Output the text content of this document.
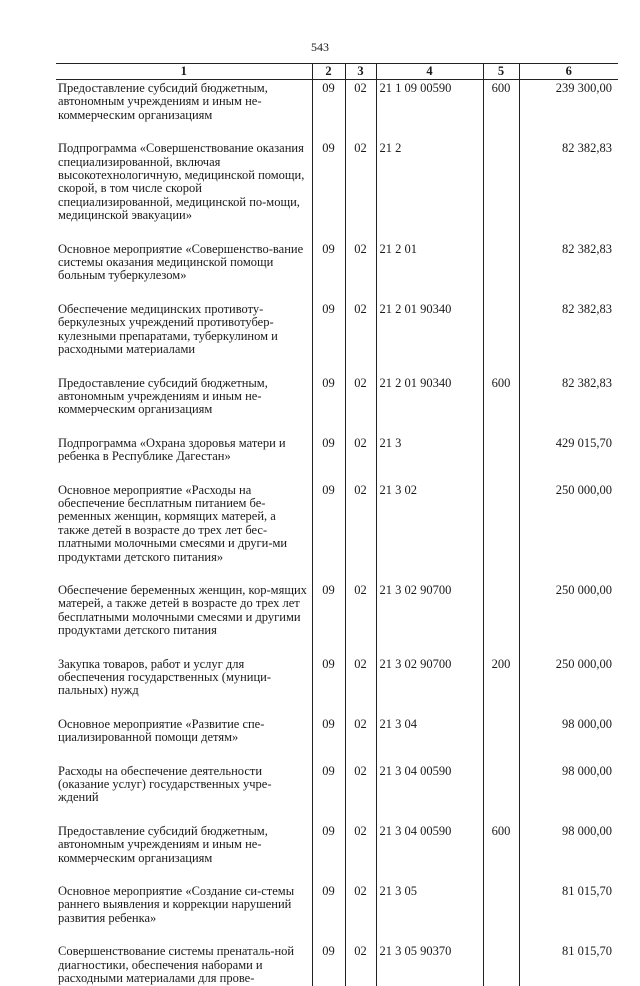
543
1	2	3	4	5	6
Предоставление субсидий бюджетным, автономным учреждениям и иным не-коммерческим организациям	09	02	21 1 09 00590	600	239 300,00
Подпрограмма «Совершенствование оказания специализированной, включая высокотехнологичную, медицинской помощи, скорой, в том числе скорой специализированной, медицинской по-мощи, медицинской эвакуации»	09	02	21 2		82 382,83
Основное мероприятие «Совершенство-вание системы оказания медицинской помощи больным туберкулезом»	09	02	21 2 01		82 382,83
Обеспечение медицинских противоту-беркулезных учреждений противотубер-кулезными препаратами, туберкулином и расходными материалами	09	02	21 2 01 90340		82 382,83
Предоставление субсидий бюджетным, автономным учреждениям и иным не-коммерческим организациям	09	02	21 2 01 90340	600	82 382,83
Подпрограмма «Охрана здоровья матери и ребенка в Республике Дагестан»	09	02	21 3		429 015,70
Основное мероприятие «Расходы на обеспечение бесплатным питанием бе-ременных женщин, кормящих матерей, а также детей в возрасте до трех лет бес-платными молочными смесями и други-ми продуктами детского питания»	09	02	21 3 02		250 000,00
Обеспечение беременных женщин, кор-мящих матерей, а также детей в возрасте до трех лет бесплатными молочными смесями и другими продуктами детского питания	09	02	21 3 02 90700		250 000,00
Закупка товаров, работ и услуг для обеспечения государственных (муници-пальных) нужд	09	02	21 3 02 90700	200	250 000,00
Основное мероприятие «Развитие спе-циализированной помощи детям»	09	02	21 3 04		98 000,00
Расходы на обеспечение деятельности (оказание услуг) государственных учре-ждений	09	02	21 3 04 00590		98 000,00
Предоставление субсидий бюджетным, автономным учреждениям и иным не-коммерческим организациям	09	02	21 3 04 00590	600	98 000,00
Основное мероприятие «Создание си-стемы раннего выявления и коррекции нарушений развития ребенка»	09	02	21 3 05		81 015,70
Совершенствование системы пренаталь-ной диагностики, обеспечения наборами и расходными материалами для прове-	09	02	21 3 05 90370		81 015,70
